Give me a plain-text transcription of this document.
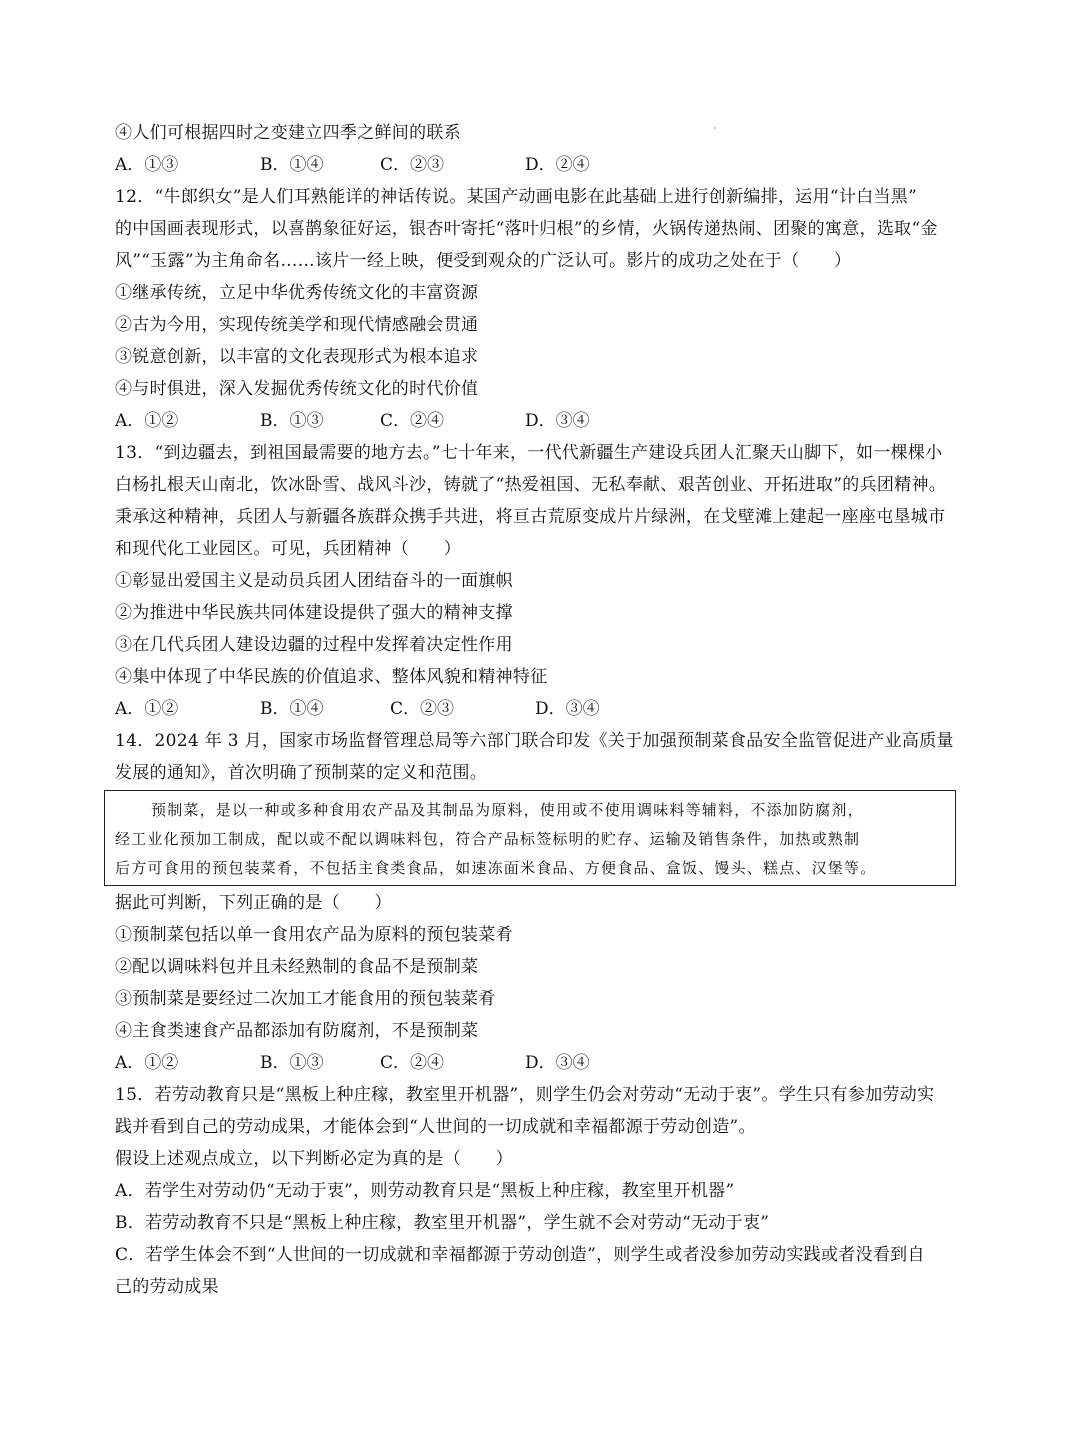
④人们可根据四时之变建立四季之鲜间的联系
A．①③	B．①④	C．②③	D．②④
12．“牛郎织女”是人们耳熟能详的神话传说。某国产动画电影在此基础上进行创新编排，运用“计白当黑”
的中国画表现形式，以喜鹊象征好运，银杏叶寄托“落叶归根”的乡情，火锅传递热闹、团聚的寓意，选取“金
风”“玉露”为主角命名……该片一经上映，便受到观众的广泛认可。影片的成功之处在于（　　）
①继承传统，立足中华优秀传统文化的丰富资源
②古为今用，实现传统美学和现代情感融会贯通
③锐意创新，以丰富的文化表现形式为根本追求
④与时俱进，深入发掘优秀传统文化的时代价值
A．①②	B．①③	C．②④	D．③④
13．“到边疆去，到祖国最需要的地方去。”七十年来，一代代新疆生产建设兵团人汇聚天山脚下，如一棵棵小
白杨扎根天山南北，饮冰卧雪、战风斗沙，铸就了“热爱祖国、无私奉献、艰苦创业、开拓进取”的兵团精神。
秉承这种精神，兵团人与新疆各族群众携手共进，将亘古荒原变成片片绿洲，在戈壁滩上建起一座座屯垦城市
和现代化工业园区。可见，兵团精神（　　）
①彰显出爱国主义是动员兵团人团结奋斗的一面旗帜
②为推进中华民族共同体建设提供了强大的精神支撑
③在几代兵团人建设边疆的过程中发挥着决定性作用
④集中体现了中华民族的价值追求、整体风貌和精神特征
A．①②	B．①④	C．②③	D．③④
14．2024 年 3 月，国家市场监督管理总局等六部门联合印发《关于加强预制菜食品安全监管促进产业高质量
发展的通知》，首次明确了预制菜的定义和范围。
预制菜，是以一种或多种食用农产品及其制品为原料，使用或不使用调味料等辅料，不添加防腐剂，
经工业化预加工制成，配以或不配以调味料包，符合产品标签标明的贮存、运输及销售条件，加热或熟制
后方可食用的预包装菜肴，不包括主食类食品，如速冻面米食品、方便食品、盒饭、馒头、糕点、汉堡等。
据此可判断，下列正确的是（　　）
①预制菜包括以单一食用农产品为原料的预包装菜肴
②配以调味料包并且未经熟制的食品不是预制菜
③预制菜是要经过二次加工才能食用的预包装菜肴
④主食类速食产品都添加有防腐剂，不是预制菜
A．①②	B．①③	C．②④	D．③④
15．若劳动教育只是“黑板上种庄稼，教室里开机器”，则学生仍会对劳动“无动于衷”。学生只有参加劳动实
践并看到自己的劳动成果，才能体会到“人世间的一切成就和幸福都源于劳动创造”。
假设上述观点成立，以下判断必定为真的是（　　）
A．若学生对劳动仍“无动于衷”，则劳动教育只是“黑板上种庄稼，教室里开机器”
B．若劳动教育不只是“黑板上种庄稼，教室里开机器”，学生就不会对劳动“无动于衷”
C．若学生体会不到“人世间的一切成就和幸福都源于劳动创造”，则学生或者没参加劳动实践或者没看到自
己的劳动成果
